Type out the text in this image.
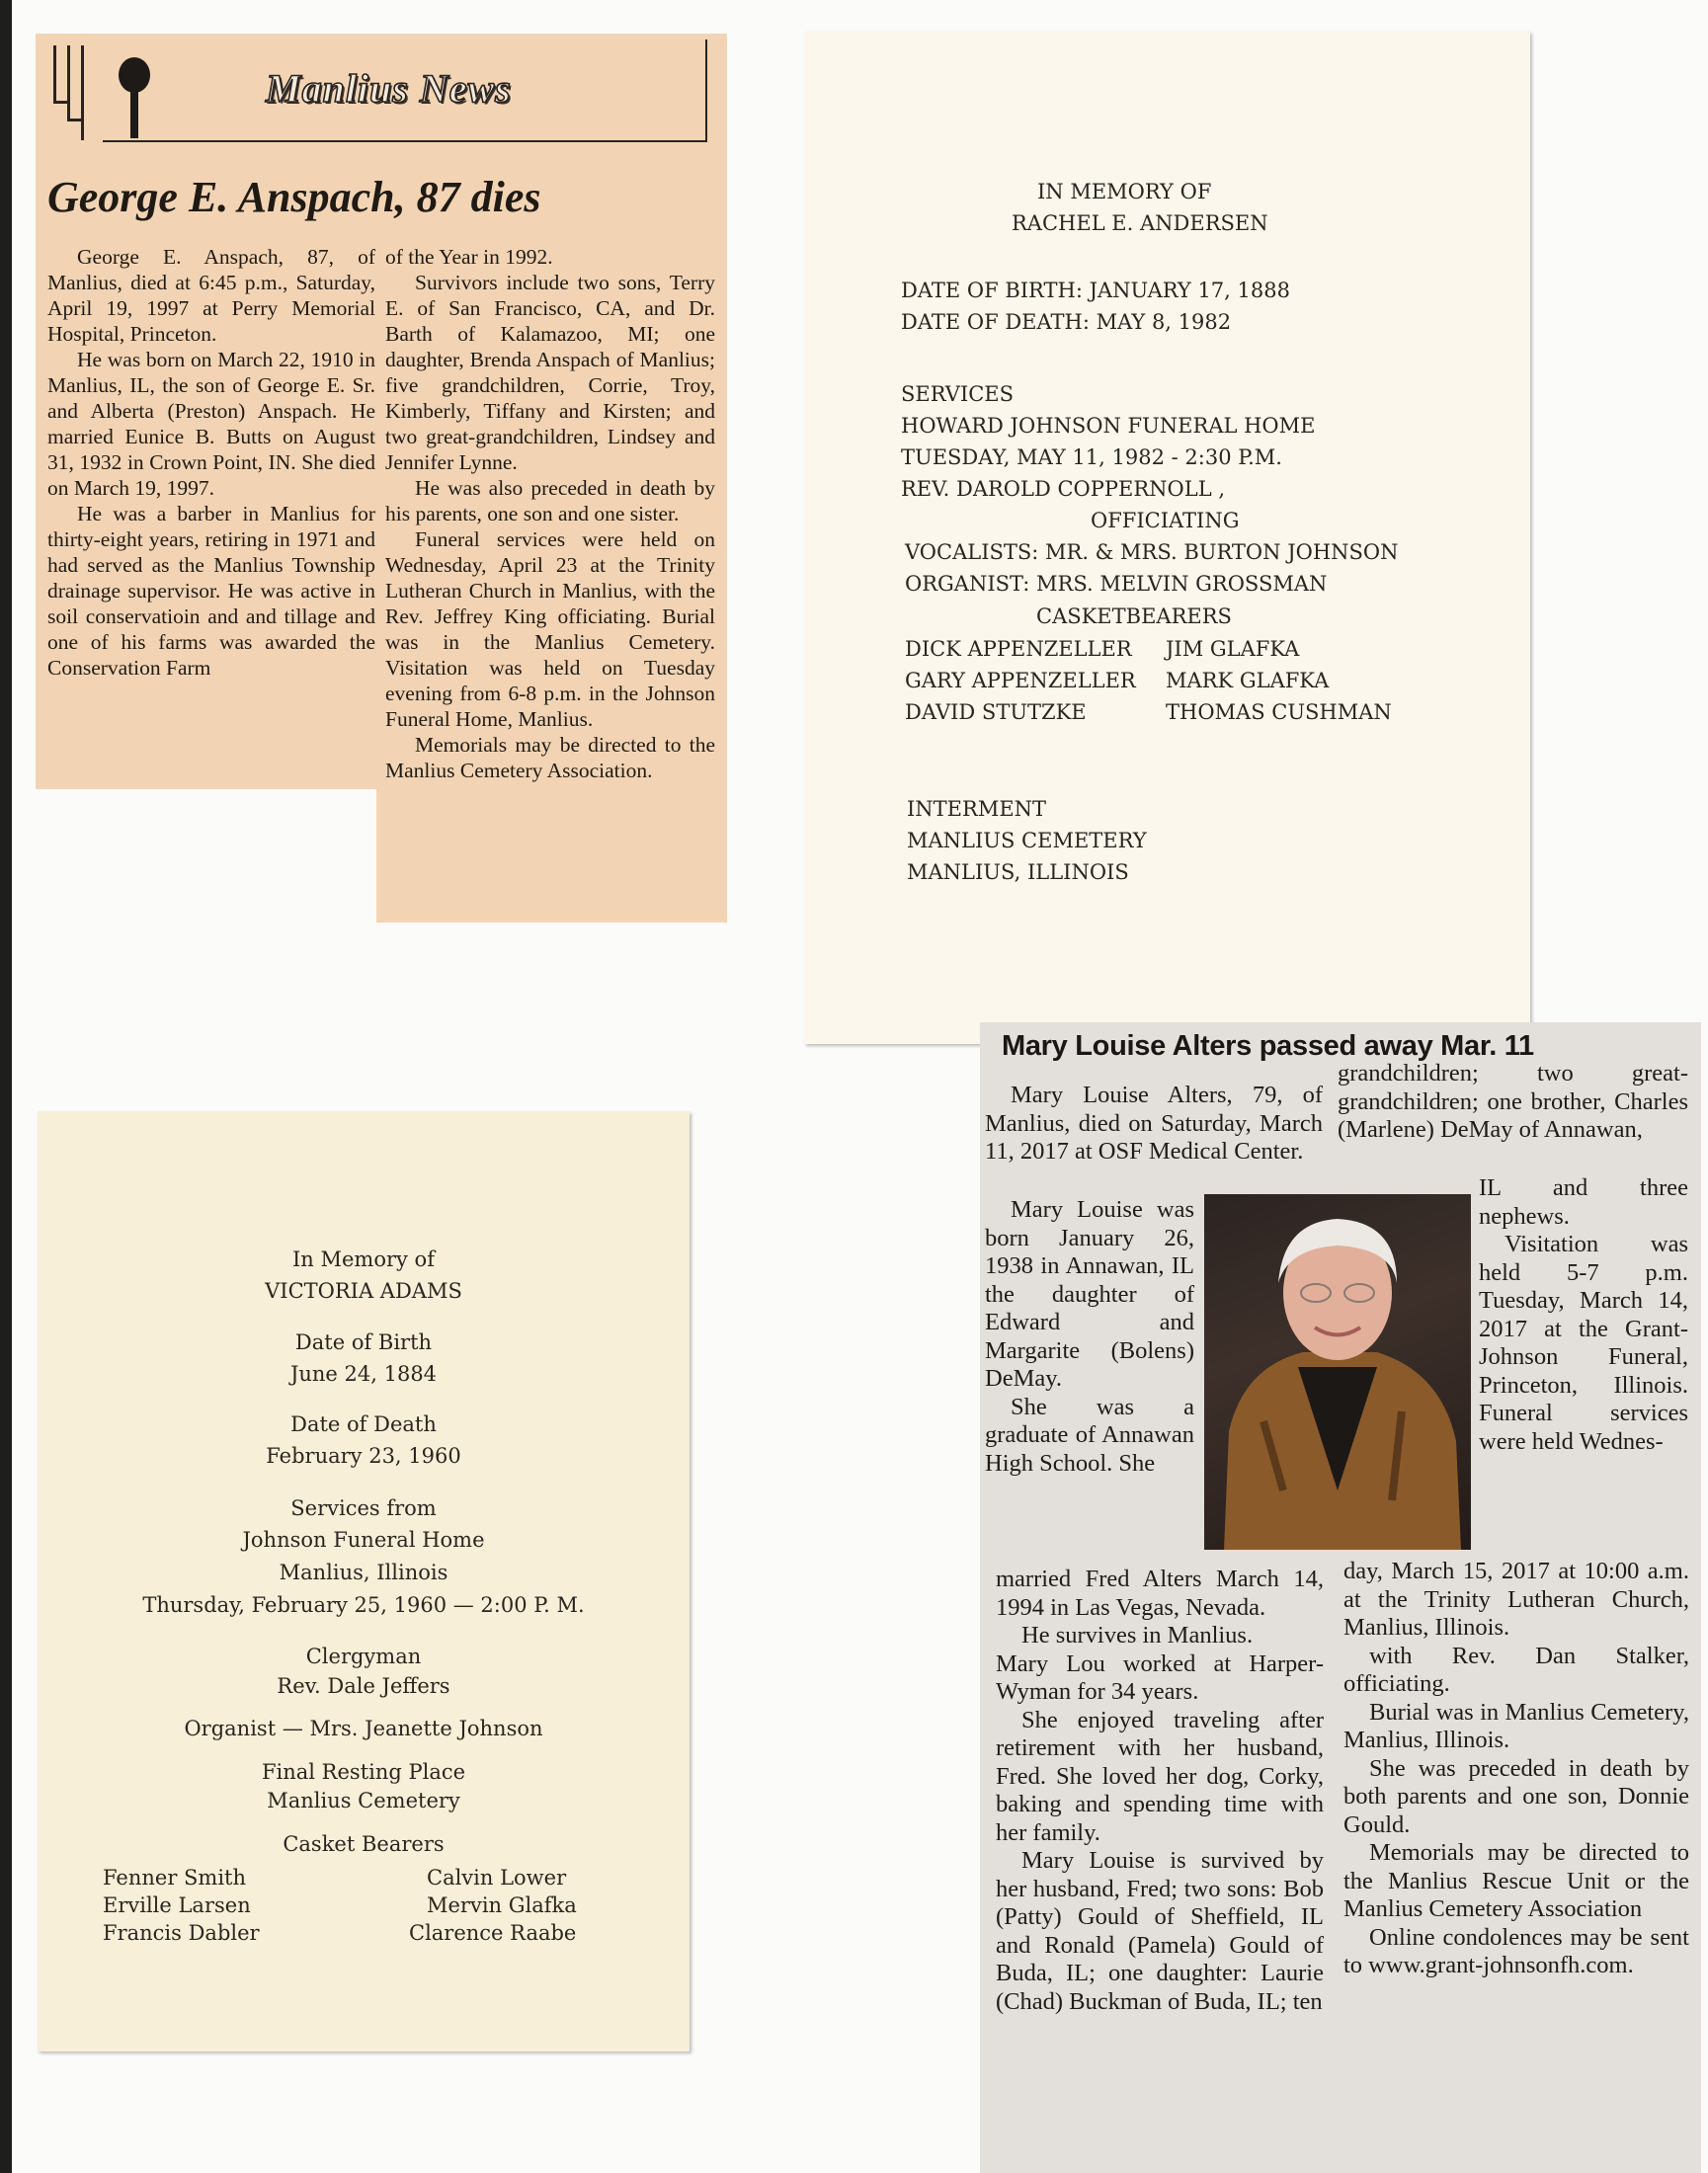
Manlius News
George E. Anspach, 87 dies

George E. Anspach, 87, of Manlius, died at 6:45 p.m., Saturday, April 19, 1997 at Perry Memorial Hospital, Princeton.

He was born on March 22, 1910 in Manlius, IL, the son of George E. Sr. and Alberta (Preston) Anspach. He married Eunice B. Butts on August 31, 1932 in Crown Point, IN. She died on March 19, 1997.

He was a barber in Manlius for thirty-eight years, retiring in 1971 and had served as the Manlius Township drainage supervisor. He was active in soil conservatioin and and tillage and one of his farms was awarded the Conservation Farm

of the Year in 1992.

Survivors include two sons, Terry E. of San Francisco, CA, and Dr. Barth of Kalamazoo, MI; one daughter, Brenda Anspach of Manlius; five grandchildren, Corrie, Troy, Kimberly, Tiffany and Kirsten; and two great-grandchildren, Lindsey and Jennifer Lynne.

He was also preceded in death by his parents, one son and one sister.

Funeral services were held on Wednesday, April 23 at the Trinity Lutheran Church in Manlius, with the Rev. Jeffrey King officiating. Burial was in the Manlius Cemetery. Visitation was held on Tuesday evening from 6-8 p.m. in the Johnson Funeral Home, Manlius.

Memorials may be directed to the Manlius Cemetery Association.

IN MEMORY OF
RACHEL E. ANDERSEN
DATE OF BIRTH: JANUARY 17, 1888
DATE OF DEATH: MAY 8, 1982
SERVICES
HOWARD JOHNSON FUNERAL HOME
TUESDAY, MAY 11, 1982 - 2:30 P.M.
REV. DAROLD COPPERNOLL ,
OFFICIATING
VOCALISTS: MR. & MRS. BURTON JOHNSON
ORGANIST: MRS. MELVIN GROSSMAN
CASKETBEARERS
DICK APPENZELLER
GARY APPENZELLER
DAVID STUTZKE
JIM GLAFKA
MARK GLAFKA
THOMAS CUSHMAN
INTERMENT
MANLIUS CEMETERY
MANLIUS, ILLINOIS
In Memory of
VICTORIA ADAMS
Date of Birth
June 24, 1884
Date of Death
February 23, 1960
Services from
Johnson Funeral Home
Manlius, Illinois
Thursday, February 25, 1960 — 2:00 P. M.
Clergyman
Rev. Dale Jeffers
Organist — Mrs. Jeanette Johnson
Final Resting Place
Manlius Cemetery
Casket Bearers
Fenner Smith
Erville Larsen
Francis Dabler
Calvin Lower
Mervin Glafka
Clarence Raabe
Mary Louise Alters passed away Mar. 11

Mary Louise Alters, 79, of Manlius, died on Saturday, March 11, 2017 at OSF Medical Center.

Mary Louise was born January 26, 1938 in Annawan, IL the daughter of Edward and Margarite (Bolens) DeMay.

She was a graduate of Annawan High School. She

married Fred Alters March 14, 1994 in Las Vegas, Nevada.

He survives in Manlius.

Mary Lou worked at Harper-Wyman for 34 years.

She enjoyed traveling after retirement with her husband, Fred. She loved her dog, Corky, baking and spending time with her family.

Mary Louise is survived by her husband, Fred; two sons: Bob (Patty) Gould of Sheffield, IL and Ronald (Pamela) Gould of Buda, IL; one daughter: Laurie (Chad) Buckman of Buda, IL; ten

grandchildren; two great-grandchildren; one brother, Charles (Marlene) DeMay of Annawan,

IL and three nephews.

Visitation was held 5-7 p.m. Tuesday, March 14, 2017 at the Grant-Johnson Funeral, Princeton, Illinois. Funeral services were held Wednes-

day, March 15, 2017 at 10:00 a.m. at the Trinity Lutheran Church, Manlius, Illinois.

with Rev. Dan Stalker, officiating.

Burial was in Manlius Cemetery, Manlius, Illinois.

She was preceded in death by both parents and one son, Donnie Gould.

Memorials may be directed to the Manlius Rescue Unit or the Manlius Cemetery Association

Online condolences may be sent to www.grant-johnsonfh.com.
